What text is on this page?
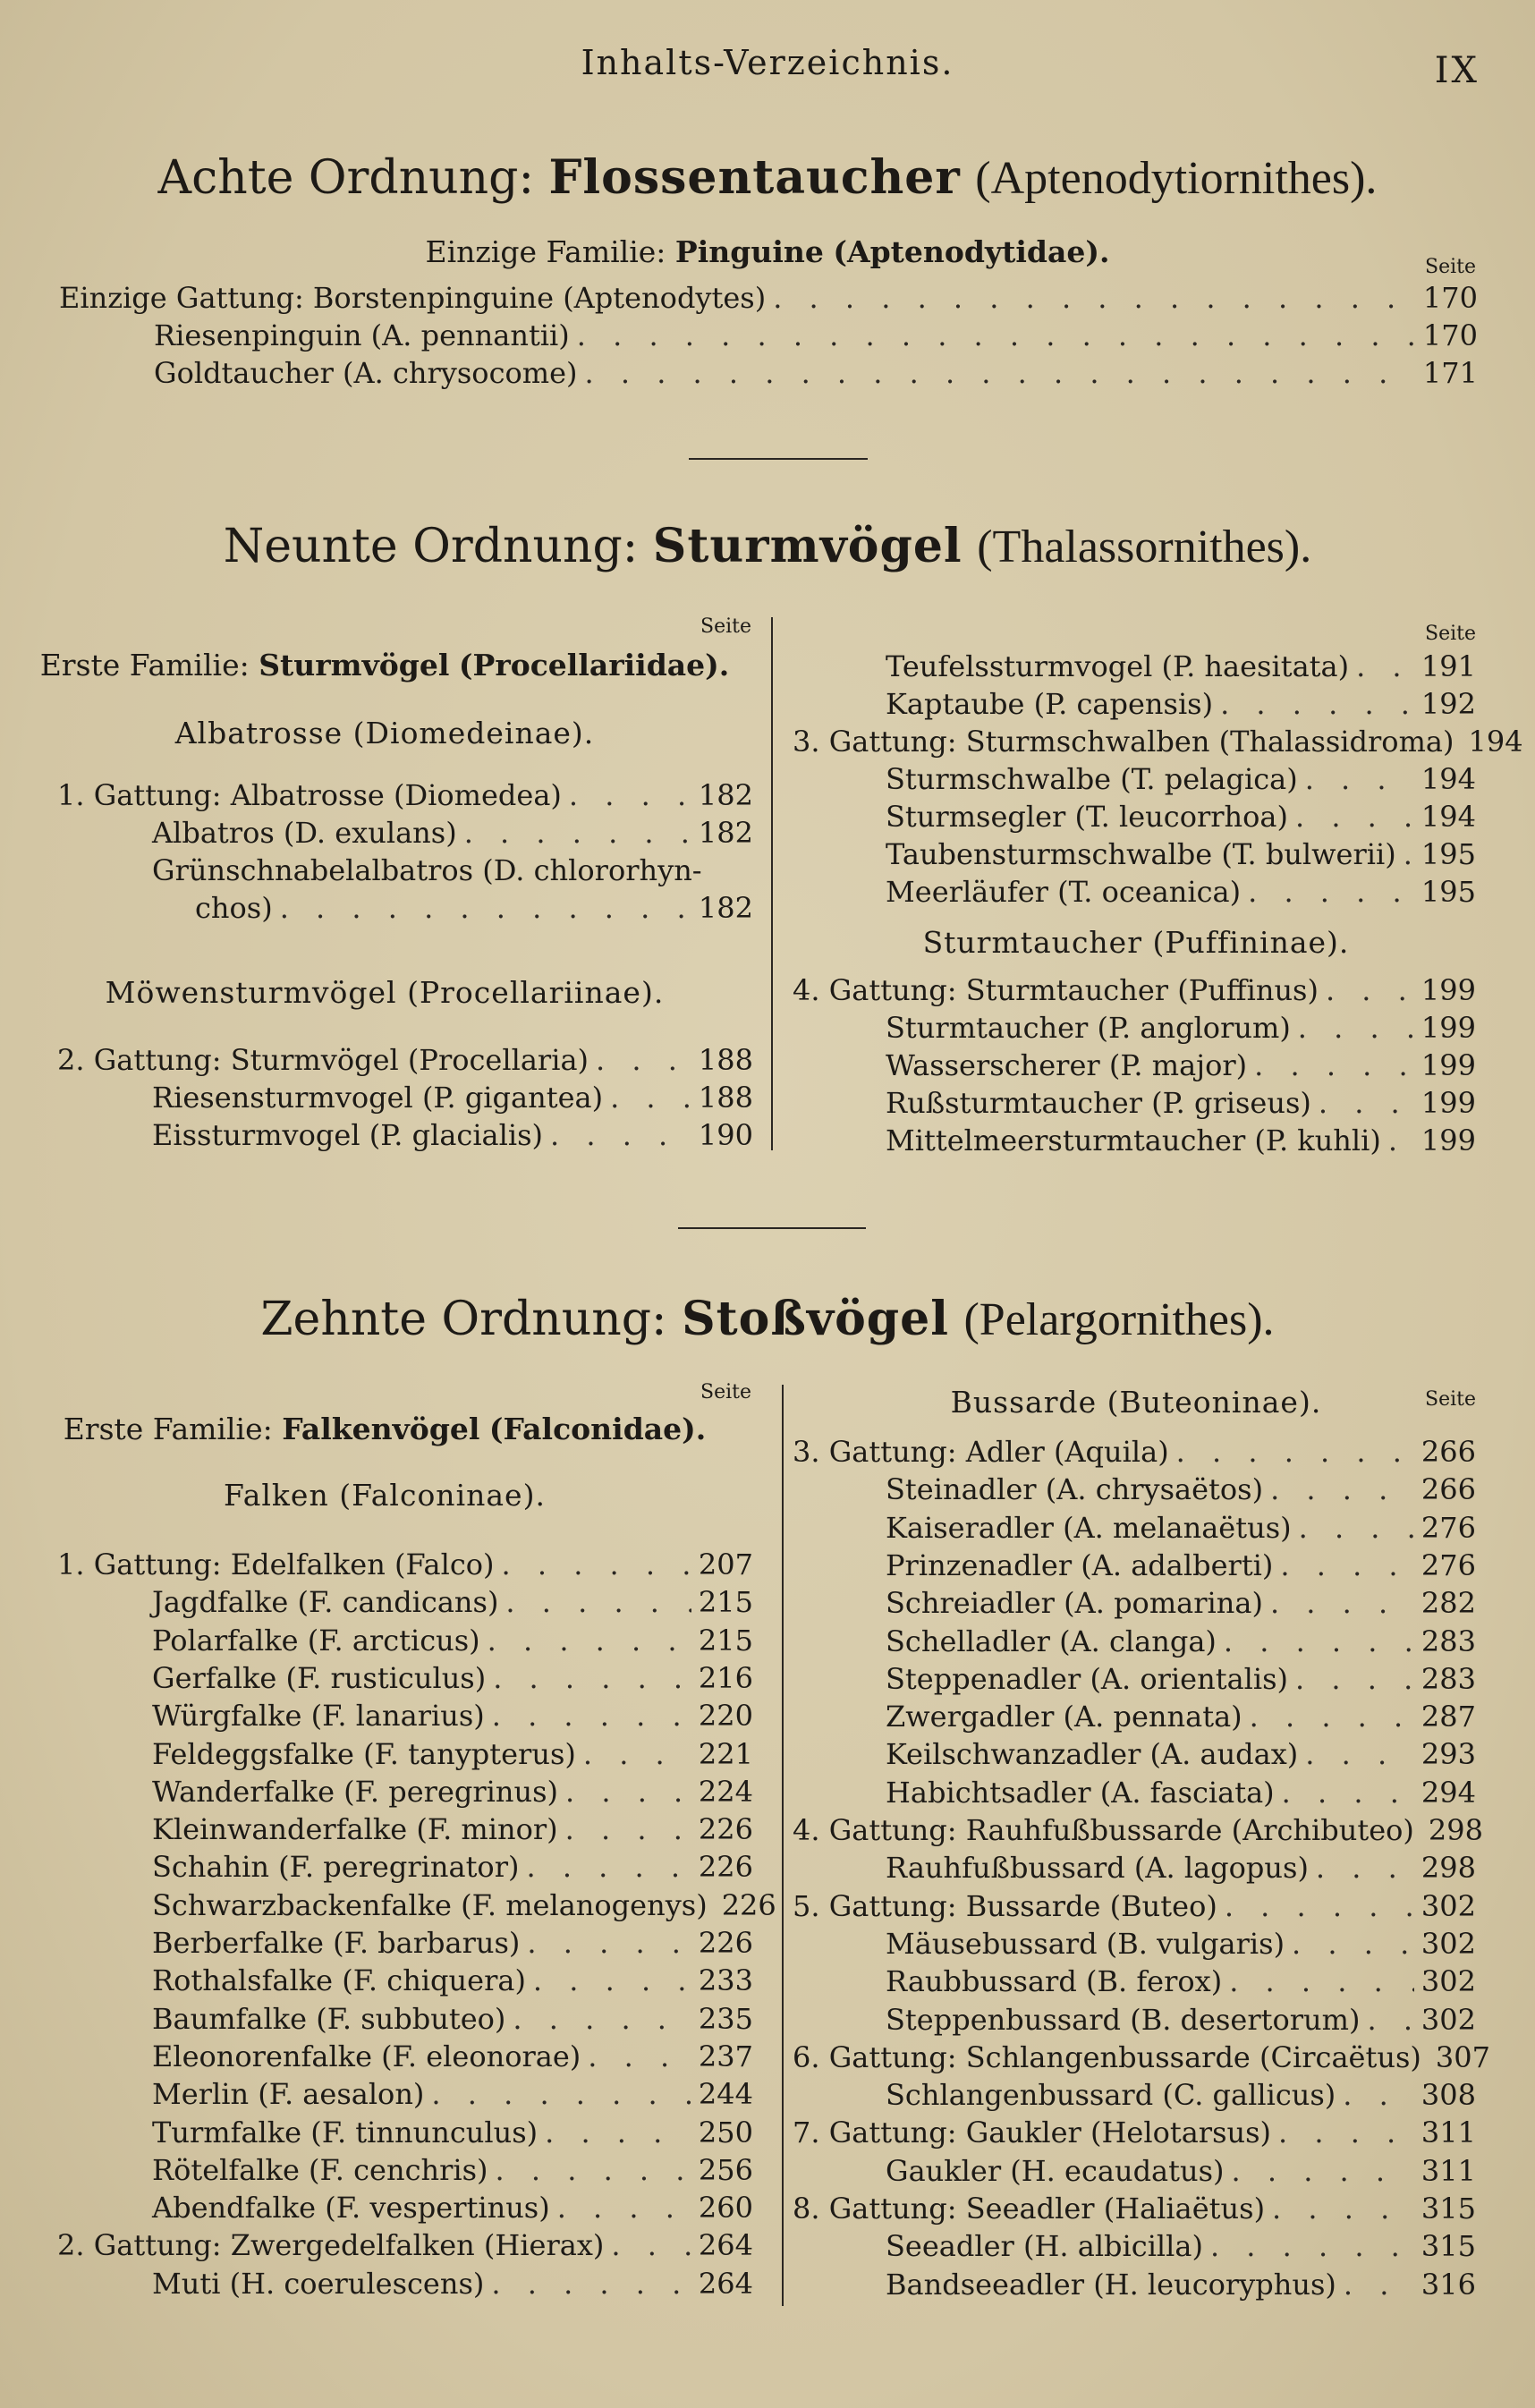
Inhalts-Verzeichnis.	IX
Achte Ordnung: Flossentaucher (Aptenodytiornithes).
Einzige Familie: Pinguine (Aptenodytidae).	Seite
Einzige Gattung: Borstenpinguine (Aptenodytes) . . .	170
Riesenpinguin (A. pennantii) . . .	170
Goldtaucher (A. chrysocome) . . .	171
Neunte Ordnung: Sturmvögel (Thalassornithes).
Seite	Seite
Erste Familie: Sturmvögel (Procellariidae).
Albatrosse (Diomedeinae).
1. Gattung: Albatrosse (Diomedea) . . .	182
Albatros (D. exulans) . . .	182
Grünschnabelalbatros (D. chlororhyn-
chos) . . .	182
Möwensturmvögel (Procellariinae).
2. Gattung: Sturmvögel (Procellaria) . . .	188
Riesensturmvogel (P. gigantea) . . .	188
Eissturmvogel (P. glacialis) . . .	190
Teufelssturmvogel (P. haesitata) . . .	191
Kaptaube (P. capensis) . . .	192
3. Gattung: Sturmschwalben (Thalassidroma) 194
Sturmschwalbe (T. pelagica) . . .	194
Sturmsegler (T. leucorrhoa) . . .	194
Taubensturmschwalbe (T. bulwerii) . . . 195
Meerläufer (T. oceanica) . . .	195
Sturmtaucher (Puffininae).
4. Gattung: Sturmtaucher (Puffinus) . . .	199
Sturmtaucher (P. anglorum) . . .	199
Wasserscherer (P. major) . . .	199
Rußsturmtaucher (P. griseus) . . .	199
Mittelmeersturmtaucher (P. kuhli) . . . 199
Zehnte Ordnung: Stoßvögel (Pelargornithes).
Seite	Seite
Erste Familie: Falkenvögel (Falconidae).
Falken (Falconinae).
Bussarde (Buteoninae).
1. Gattung: Edelfalken (Falco) . . .	207
Jagdfalke (F. candicans) . . .	215
Polarfalke (F. arcticus) . . .	215
Gerfalke (F. rusticulus) . . .	216
Würgfalke (F. lanarius) . . .	220
Feldeggsfalke (F. tanypterus) . . .	221
Wanderfalke (F. peregrinus) . . .	224
Kleinwanderfalke (F. minor) . . .	226
Schahin (F. peregrinator) . . .	226
Schwarzbackenfalke (F. melanogenys) 226
Berberfalke (F. barbarus) . . .	226
Rothalsfalke (F. chiquera) . . .	233
Baumfalke (F. subbuteo) . . .	235
Eleonorenfalke (F. eleonorae) . . .	237
Merlin (F. aesalon) . . .	244
Turmfalke (F. tinnunculus) . . .	250
Rötelfalke (F. cenchris) . . .	256
Abendfalke (F. vespertinus) . . .	260
2. Gattung: Zwergedelfalken (Hierax) . . .	264
Muti (H. coerulescens) . . .	264
3. Gattung: Adler (Aquila) . . .	266
Steinadler (A. chrysaëtos) . . .	266
Kaiseradler (A. melanaëtus) . . .	276
Prinzenadler (A. adalberti) . . .	276
Schreiadler (A. pomarina) . . .	282
Schelladler (A. clanga) . . .	283
Steppenadler (A. orientalis) . . .	283
Zwergadler (A. pennata) . . .	287
Keilschwanzadler (A. audax) . . .	293
Habichtsadler (A. fasciata) . . .	294
4. Gattung: Rauhfußbussarde (Archibuteo) 298
Rauhfußbussard (A. lagopus) . . .	298
5. Gattung: Bussarde (Buteo) . . .	302
Mäusebussard (B. vulgaris) . . .	302
Raubbussard (B. ferox) . . .	302
Steppenbussard (B. desertorum) . . . 302
6. Gattung: Schlangenbussarde (Circaëtus) 307
Schlangenbussard (C. gallicus) . . .	308
7. Gattung: Gaukler (Helotarsus) . . .	311
Gaukler (H. ecaudatus) . . .	311
8. Gattung: Seeadler (Haliaëtus) . . .	315
Seeadler (H. albicilla) . . .	315
Bandseeadler (H. leucoryphus) . . .	316
